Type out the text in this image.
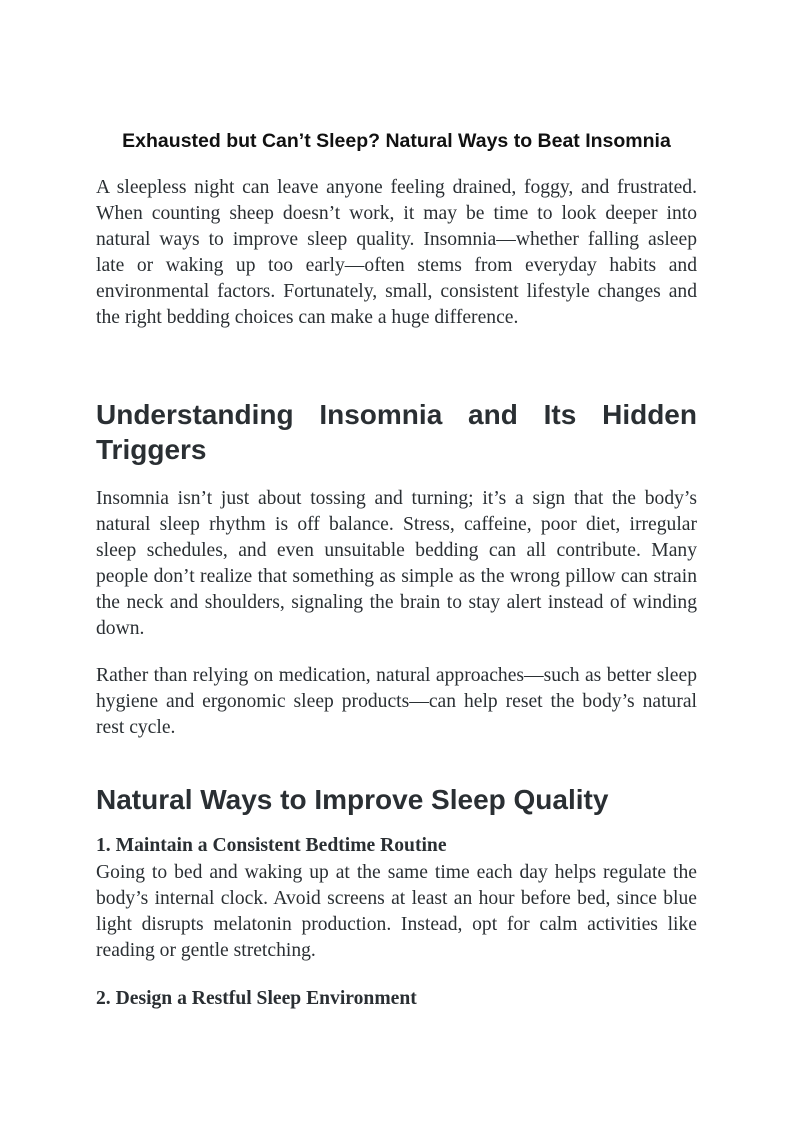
Exhausted but Can’t Sleep? Natural Ways to Beat Insomnia

A sleepless night can leave anyone feeling drained, foggy, and frustrated. When counting sheep doesn’t work, it may be time to look deeper into natural ways to improve sleep quality. Insomnia—whether falling asleep late or waking up too early—often stems from everyday habits and environmental factors. Fortunately, small, consistent lifestyle changes and the right bedding choices can make a huge difference.

Understanding Insomnia and Its Hidden Triggers

Insomnia isn’t just about tossing and turning; it’s a sign that the body’s natural sleep rhythm is off balance. Stress, caffeine, poor diet, irregular sleep schedules, and even unsuitable bedding can all contribute. Many people don’t realize that something as simple as the wrong pillow can strain the neck and shoulders, signaling the brain to stay alert instead of winding down.

Rather than relying on medication, natural approaches—such as better sleep hygiene and ergonomic sleep products—can help reset the body’s natural rest cycle.

Natural Ways to Improve Sleep Quality
1. Maintain a Consistent Bedtime Routine

Going to bed and waking up at the same time each day helps regulate the body’s internal clock. Avoid screens at least an hour before bed, since blue light disrupts melatonin production. Instead, opt for calm activities like reading or gentle stretching.

2. Design a Restful Sleep Environment
